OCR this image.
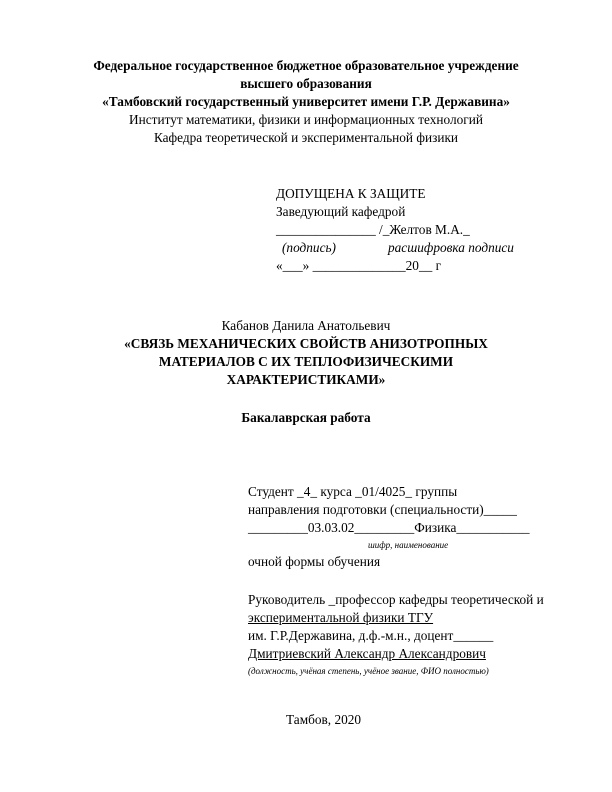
Федеральное государственное бюджетное образовательное учреждение
высшего образования
«Тамбовский государственный университет имени Г.Р. Державина»
Институт математики, физики и информационных технологий
Кафедра теоретической и экспериментальной физики
ДОПУЩЕНА К ЗАЩИТЕ
Заведующий кафедрой
_______________ /_Желтов М.А._
(подпись)	расшифровка подписи
«___» ______________20__ г
Кабанов Данила Анатольевич
«СВЯЗЬ МЕХАНИЧЕСКИХ СВОЙСТВ АНИЗОТРОПНЫХ
МАТЕРИАЛОВ С ИХ ТЕПЛОФИЗИЧЕСКИМИ
ХАРАКТЕРИСТИКАМИ»
Бакалаврская работа
Студент _4_ курса _01/4025_ группы
направления подготовки (специальности)_____
_________03.03.02_________Физика___________
шифр, наименование
очной формы обучения
Руководитель _профессор кафедры теоретической и
экспериментальной физики ТГУ
им. Г.Р.Державина, д.ф.-м.н., доцент______
Дмитриевский Александр Александрович
(должность, учёная степень, учёное звание, ФИО полностью)
Тамбов, 2020
